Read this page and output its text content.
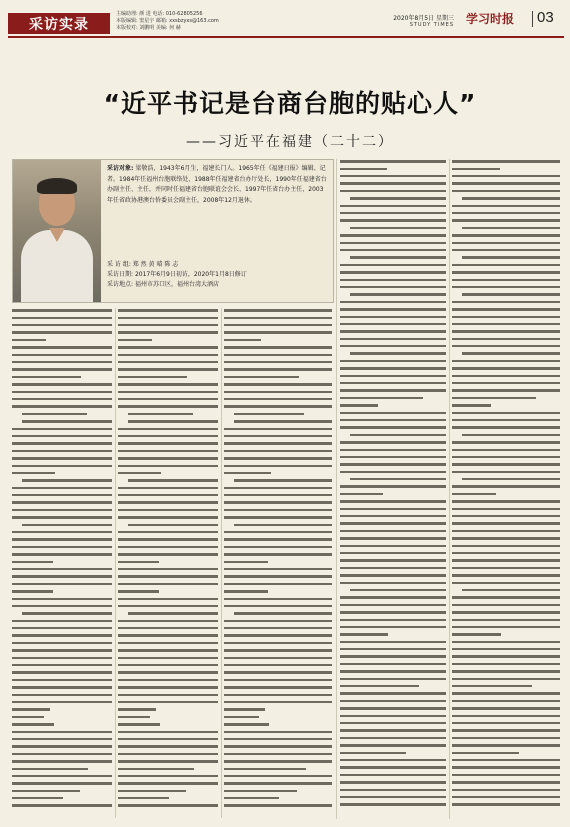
采访实录
主编助理: 颜 进 电话: 010-62805256
本版编辑: 窦星宇 邮箱: xxsbzyxs@163.com
本版校对: 刘鹏明 美编: 何 赫
2020年8月5日 星期三
STUDY TIMES 学习时报 03
“近平书记是台商台胞的贴心人”
——习近平在福建（二十二）
采访对象: 梁敬浩，1943年6月生，福建长门人。1965年任《福建日报》编辑、记者。1984年任福州台胞联络处，1988年任福建省台办厅处长，1990年任福建省台办副主任、主任，并同时任福建省台胞联谊会会长、1997年任省台办主任，2003年任省政协港澳台侨委员会副主任，2008年12月退休。
采 访 组: 郑 然 黄 晴 陈 志
采访日期: 2017年6月9日初访，2020年1月8日修订
采访地点: 福州市苏口区，福州台湾大酒店
